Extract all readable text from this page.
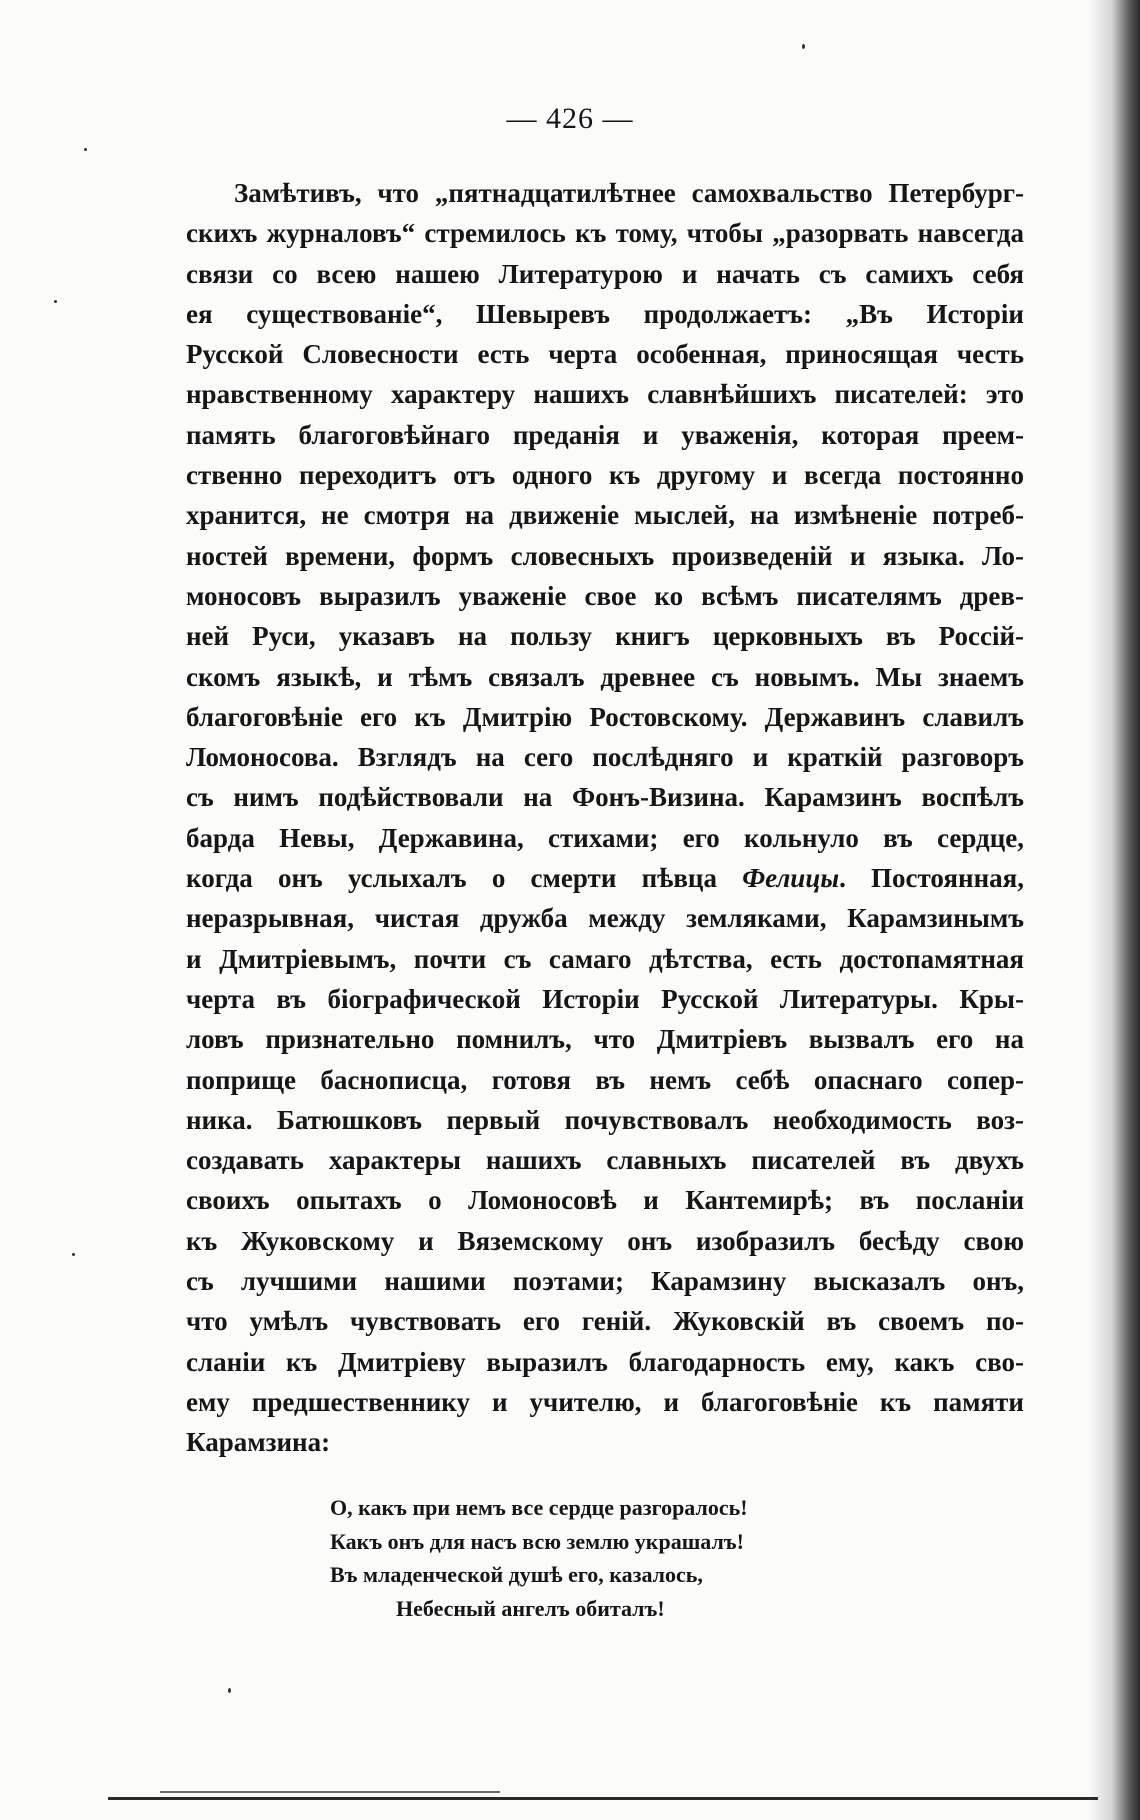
— 426 —
Замѣтивъ, что „пятнадцатилѣтнее самохвальство Петербург-
скихъ журналовъ“ стремилось къ тому, чтобы „разорвать навсегда
связи со всею нашею Литературою и начать съ самихъ себя
ея существованіе“, Шевыревъ продолжаетъ: „Въ Исторіи
Русской Словесности есть черта особенная, приносящая честь
нравственному характеру нашихъ славнѣйшихъ писателей: это
память благоговѣйнаго преданія и уваженія, которая преем-
ственно переходитъ отъ одного къ другому и всегда постоянно
хранится, не смотря на движеніе мыслей, на измѣненіе потреб-
ностей времени, формъ словесныхъ произведеній и языка. Ло-
моносовъ выразилъ уваженіе свое ко всѣмъ писателямъ древ-
ней Руси, указавъ на пользу книгъ церковныхъ въ Россій-
скомъ языкѣ, и тѣмъ связалъ древнее съ новымъ. Мы знаемъ
благоговѣніе его къ Дмитрію Ростовскому. Державинъ славилъ
Ломоносова. Взглядъ на сего послѣдняго и краткій разговоръ
съ нимъ подѣйствовали на Фонъ-Визина. Карамзинъ воспѣлъ
барда Невы, Державина, стихами; его кольнуло въ сердце,
когда онъ услыхалъ о смерти пѣвца Фелицы. Постоянная,
неразрывная, чистая дружба между земляками, Карамзинымъ
и Дмитріевымъ, почти съ самаго дѣтства, есть достопамятная
черта въ біографической Исторіи Русской Литературы. Кры-
ловъ признательно помнилъ, что Дмитріевъ вызвалъ его на
поприще баснописца, готовя въ немъ себѣ опаснаго сопер-
ника. Батюшковъ первый почувствовалъ необходимость воз-
создавать характеры нашихъ славныхъ писателей въ двухъ
своихъ опытахъ о Ломоносовѣ и Кантемирѣ; въ посланіи
къ Жуковскому и Вяземскому онъ изобразилъ бесѣду свою
съ лучшими нашими поэтами; Карамзину высказалъ онъ,
что умѣлъ чувствовать его геній. Жуковскій въ своемъ по-
сланіи къ Дмитріеву выразилъ благодарность ему, какъ сво-
ему предшественнику и учителю, и благоговѣніе къ памяти
Карамзина:
О, какъ при немъ все сердце разгоралось!
Какъ онъ для насъ всю землю украшалъ!
Въ младенческой душѣ его, казалось,
Небесный ангелъ обиталъ!
